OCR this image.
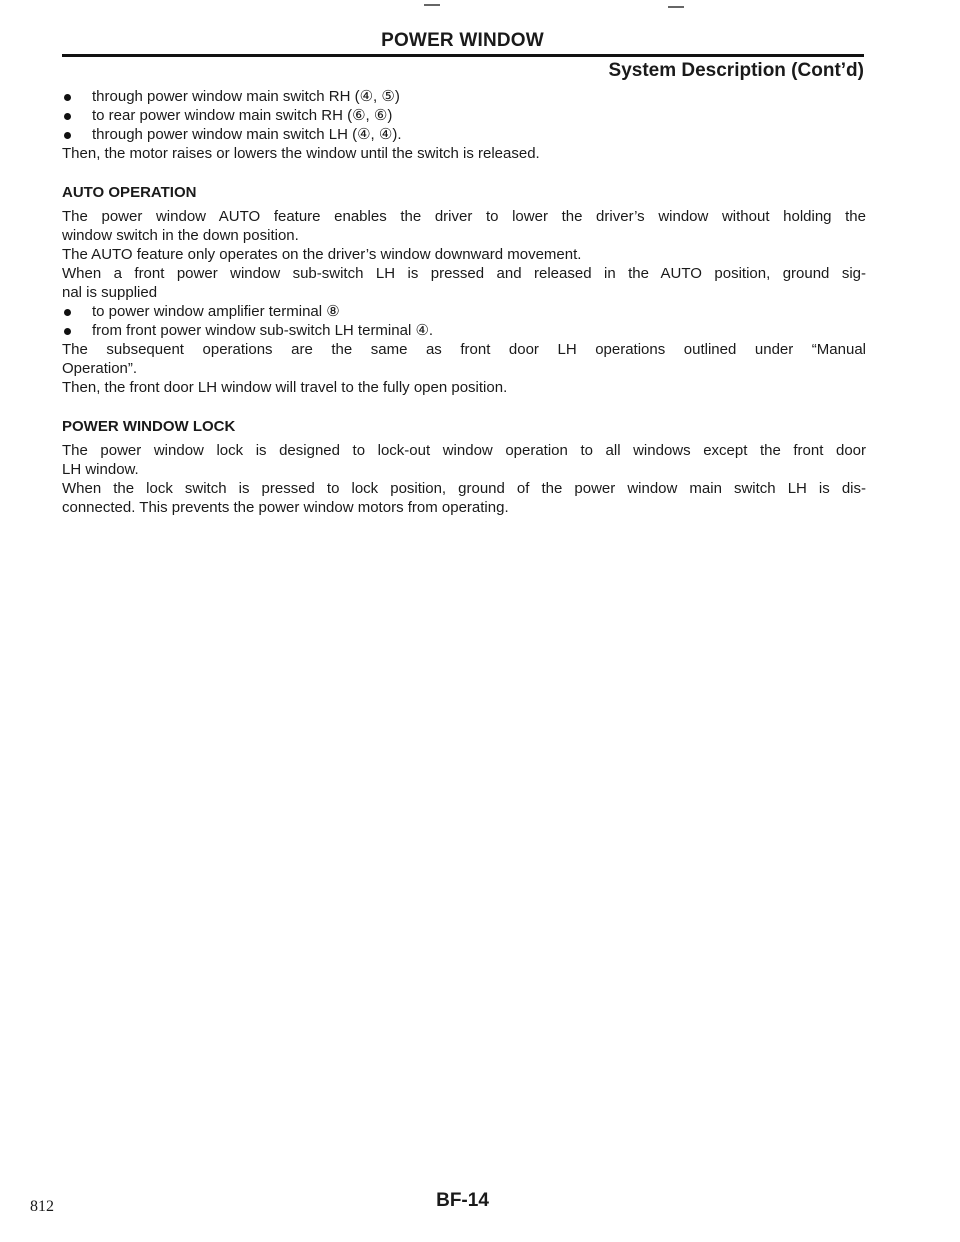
POWER WINDOW
System Description (Cont’d)

through power window main switch RH (④, ⑤)

to rear power window main switch RH (⑥, ⑥)

through power window main switch LH (④, ④).

Then, the motor raises or lowers the window until the switch is released.

AUTO OPERATION

The power window AUTO feature enables the driver to lower the driver’s window without holding the

window switch in the down position.

The AUTO feature only operates on the driver’s window downward movement.

When a front power window sub-switch LH is pressed and released in the AUTO position, ground sig-

nal is supplied

to power window amplifier terminal ⑧

from front power window sub-switch LH terminal ④.

The subsequent operations are the same as front door LH operations outlined under “Manual

Operation”.

Then, the front door LH window will travel to the fully open position.

POWER WINDOW LOCK

The power window lock is designed to lock-out window operation to all windows except the front door

LH window.

When the lock switch is pressed to lock position, ground of the power window main switch LH is dis-

connected. This prevents the power window motors from operating.

812	BF-14
